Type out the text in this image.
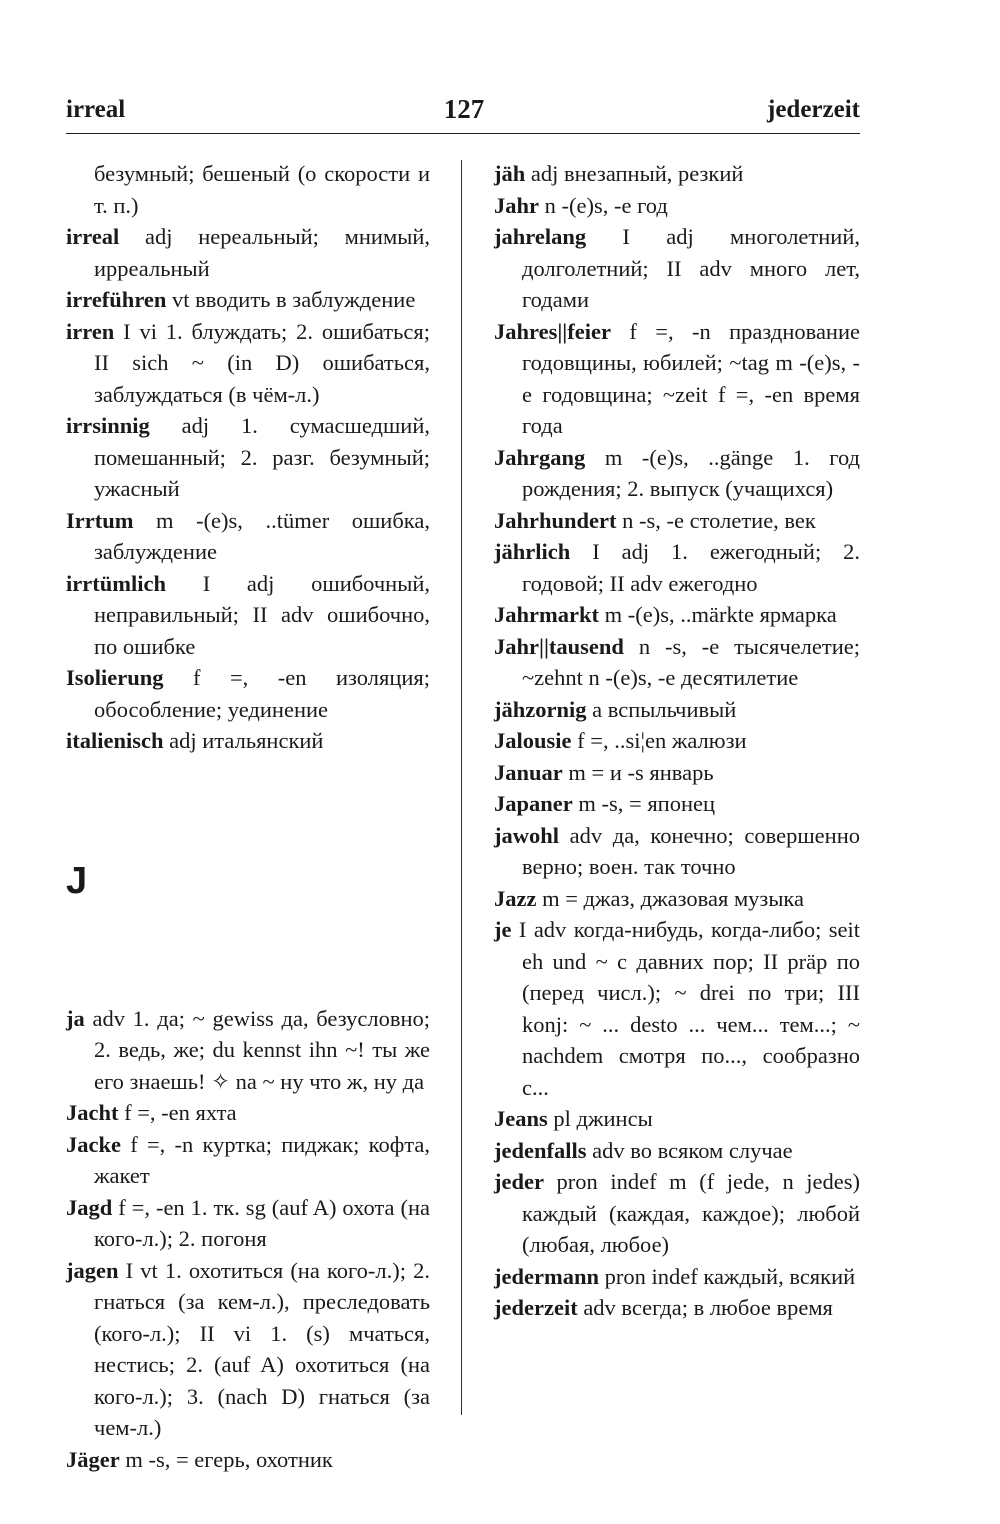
irreal	127	jederzeit

безумный; бешеный (о скорости и т. п.)

irreal adj нереальный; мнимый, ирреальный

irreführen vt вводить в заблуждение

irren I vi 1. блуждать; 2. ошибаться; II sich ~ (in D) ошибаться, заблуждаться (в чём-л.)

irrsinnig adj 1. сумасшедший, помешанный; 2. разг. безумный; ужасный

Irrtum m -(e)s, ..tümer ошибка, заблуждение

irrtümlich I adj ошибочный, неправильный; II adv ошибочно, по ошибке

Isolierung f =, -en изоляция; обособление; уединение

italienisch adj итальянский

J

ja adv 1. да; ~ gewiss да, безусловно; 2. ведь, же; du kennst ihn ~! ты же его знаешь! ✧ na ~ ну что ж, ну да

Jacht f =, -en яхта

Jacke f =, -n куртка; пиджак; кофта, жакет

Jagd f =, -en 1. тк. sg (auf A) охота (на кого-л.); 2. погоня

jagen I vt 1. охотиться (на кого-л.); 2. гнаться (за кем-л.), преследовать (кого-л.); II vi 1. (s) мчаться, нестись; 2. (auf A) охотиться (на кого-л.); 3. (nach D) гнаться (за чем-л.)

Jäger m -s, = егерь, охотник

jäh adj внезапный, резкий

Jahr n -(e)s, -e год

jahrelang I adj многолетний, долголетний; II adv много лет, годами

Jahres||feier f =, -n празднование годовщины, юбилей; ~tag m -(e)s, -e годовщина; ~zeit f =, -en время года

Jahrgang m -(e)s, ..gänge 1. год рождения; 2. выпуск (учащихся)

Jahrhundert n -s, -e столетие, век

jährlich I adj 1. ежегодный; 2. годовой; II adv ежегодно

Jahrmarkt m -(e)s, ..märkte ярмарка

Jahr||tausend n -s, -e тысячелетие; ~zehnt n -(e)s, -e десятилетие

jähzornig a вспыльчивый

Jalousie f =, ..si¦en жалюзи

Januar m = и -s январь

Japaner m -s, = японец

jawohl adv да, конечно; совершенно верно; воен. так точно

Jazz m = джаз, джазовая музыка

je I adv когда-нибудь, когда-либо; seit eh und ~ с давних пор; II präp по (перед числ.); ~ drei по три; III konj: ~ ... desto ... чем... тем...; ~ nachdem смотря по..., сообразно с...

Jeans pl джинсы

jedenfalls adv во всяком случае

jeder pron indef m (f jede, n jedes) каждый (каждая, каждое); любой (любая, любое)

jedermann pron indef каждый, всякий

jederzeit adv всегда; в любое время
